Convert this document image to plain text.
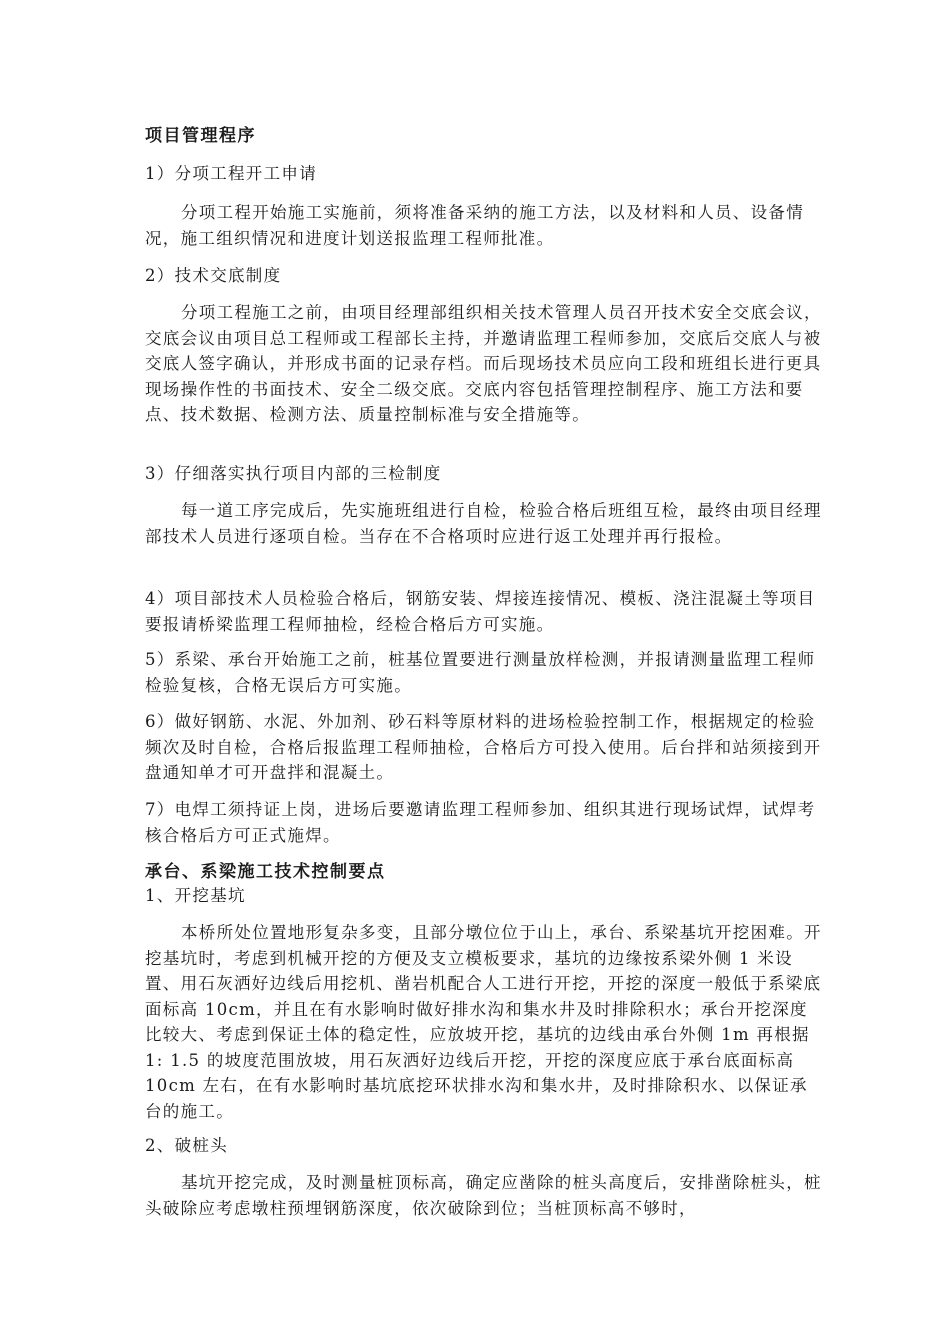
项目管理程序

1）分项工程开工申请

分项工程开始施工实施前，须将准备采纳的施工方法，以及材料和人员、设备情况，施工组织情况和进度计划送报监理工程师批准。

2）技术交底制度

分项工程施工之前，由项目经理部组织相关技术管理人员召开技术安全交底会议，交底会议由项目总工程师或工程部长主持，并邀请监理工程师参加，交底后交底人与被交底人签字确认，并形成书面的记录存档。而后现场技术员应向工段和班组长进行更具现场操作性的书面技术、安全二级交底。交底内容包括管理控制程序、施工方法和要点、技术数据、检测方法、质量控制标准与安全措施等。

3）仔细落实执行项目内部的三检制度

每一道工序完成后，先实施班组进行自检，检验合格后班组互检，最终由项目经理部技术人员进行逐项自检。当存在不合格项时应进行返工处理并再行报检。

4）项目部技术人员检验合格后，钢筋安装、焊接连接情况、模板、浇注混凝土等项目要报请桥梁监理工程师抽检，经检合格后方可实施。

5）系梁、承台开始施工之前，桩基位置要进行测量放样检测，并报请测量监理工程师检验复核，合格无误后方可实施。

6）做好钢筋、水泥、外加剂、砂石料等原材料的进场检验控制工作，根据规定的检验频次及时自检，合格后报监理工程师抽检，合格后方可投入使用。后台拌和站须接到开盘通知单才可开盘拌和混凝土。

7）电焊工须持证上岗，进场后要邀请监理工程师参加、组织其进行现场试焊，试焊考核合格后方可正式施焊。

承台、系梁施工技术控制要点

1、开挖基坑

本桥所处位置地形复杂多变，且部分墩位位于山上，承台、系梁基坑开挖困难。开挖基坑时，考虑到机械开挖的方便及支立模板要求，基坑的边缘按系梁外侧 1 米设置、用石灰洒好边线后用挖机、凿岩机配合人工进行开挖，开挖的深度一般低于系梁底面标高 10cm，并且在有水影响时做好排水沟和集水井及时排除积水；承台开挖深度比较大、考虑到保证土体的稳定性，应放坡开挖，基坑的边线由承台外侧 1m 再根据 1: 1.5 的坡度范围放坡，用石灰洒好边线后开挖，开挖的深度应底于承台底面标高 10cm 左右，在有水影响时基坑底挖环状排水沟和集水井，及时排除积水、以保证承台的施工。

2、破桩头

基坑开挖完成，及时测量桩顶标高，确定应凿除的桩头高度后，安排凿除桩头，桩头破除应考虑墩柱预埋钢筋深度，依次破除到位；当桩顶标高不够时，
